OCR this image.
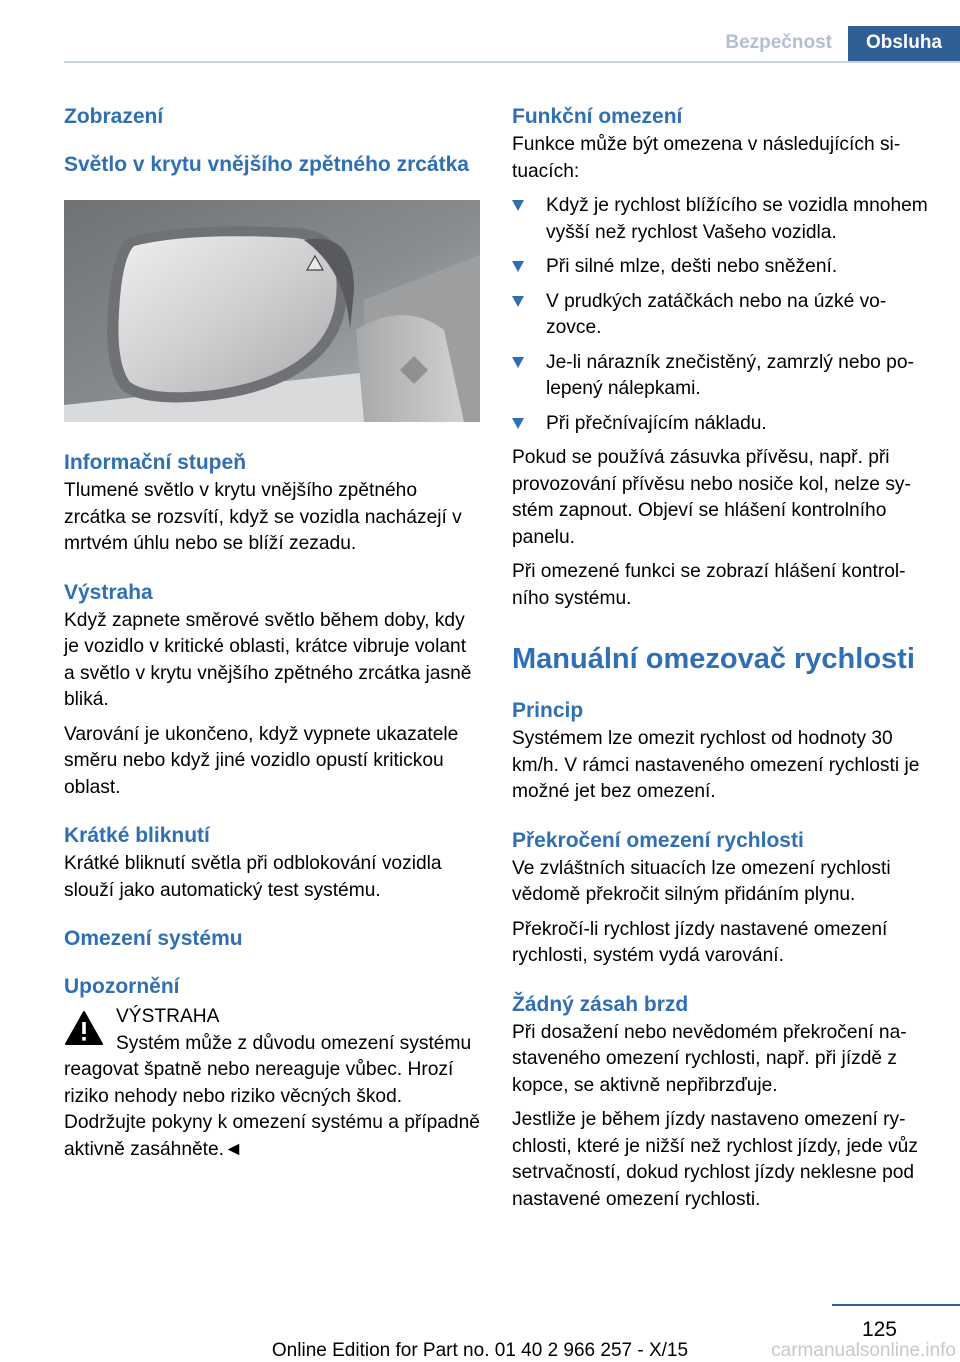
Bezpečnost	Obsluha
Zobrazení
Světlo v krytu vnějšího zpětného zrcátka
Informační stupeň

Tlumené světlo v krytu vnějšího zpětného zrcátka se rozsvítí, když se vozidla nacházejí v mrtvém úhlu nebo se blíží zezadu.

Výstraha

Když zapnete směrové světlo během doby, kdy je vozidlo v kritické oblasti, krátce vibruje volant a světlo v krytu vnějšího zpětného zrcátka jasně bliká.

Varování je ukončeno, když vypnete ukazatele směru nebo když jiné vozidlo opustí kritickou oblast.

Krátké bliknutí

Krátké bliknutí světla při odblokování vozidla slouží jako automatický test systému.

Omezení systému
Upozornění
VÝSTRAHA
Systém může z důvodu omezení systému reagovat špatně nebo nereaguje vůbec. Hrozí riziko nehody nebo riziko věcných škod. Dodržujte pokyny k omezení systému a případně aktivně zasáhněte.◄
Funkční omezení

Funkce může být omezena v následujících situacích:

Když je rychlost blížícího se vozidla mnohem vyšší než rychlost Vašeho vozidla.
Při silné mlze, dešti nebo sněžení.
V prudkých zatáčkách nebo na úzké vozovce.
Je-li nárazník znečistěný, zamrzlý nebo polepený nálepkami.
Při přečnívajícím nákladu.

Pokud se používá zásuvka přívěsu, např. při provozování přívěsu nebo nosiče kol, nelze systém zapnout. Objeví se hlášení kontrolního panelu.

Při omezené funkci se zobrazí hlášení kontrolního systému.

Manuální omezovač rychlosti
Princip

Systémem lze omezit rychlost od hodnoty 30 km/h. V rámci nastaveného omezení rychlosti je možné jet bez omezení.

Překročení omezení rychlosti

Ve zvláštních situacích lze omezení rychlosti vědomě překročit silným přidáním plynu.

Překročí-li rychlost jízdy nastavené omezení rychlosti, systém vydá varování.

Žádný zásah brzd

Při dosažení nebo nevědomém překročení nastaveného omezení rychlosti, např. při jízdě z kopce, se aktivně nepřibrzďuje.

Jestliže je během jízdy nastaveno omezení rychlosti, které je nižší než rychlost jízdy, jede vůz setrvačností, dokud rychlost jízdy neklesne pod nastavené omezení rychlosti.

125
carmanualsonline.info
Online Edition for Part no. 01 40 2 966 257 - X/15
